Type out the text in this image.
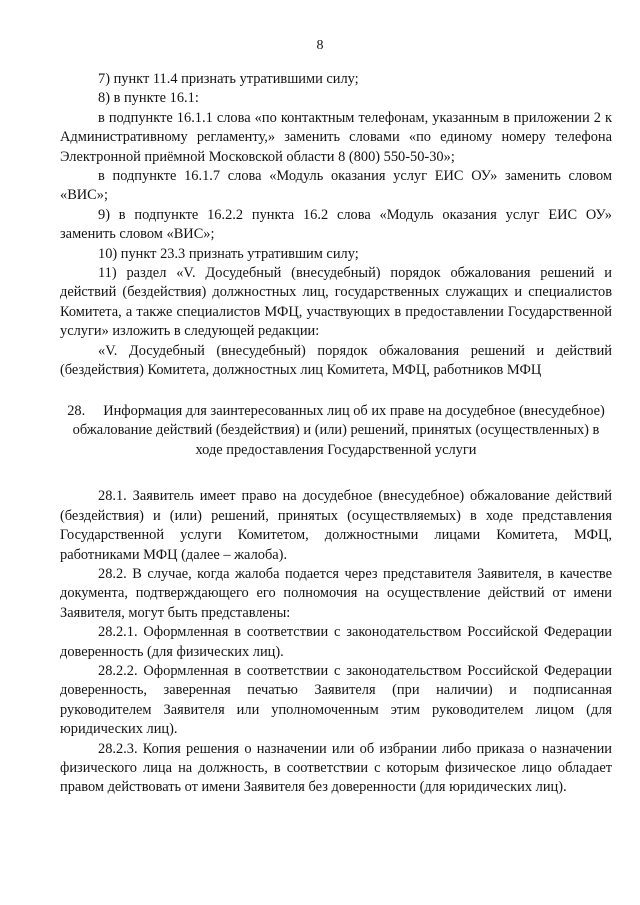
8

7) пункт 11.4 признать утратившими силу;

8) в пункте 16.1:

в подпункте 16.1.1 слова «по контактным телефонам, указанным в приложении 2 к Административному регламенту,» заменить словами «по единому номеру телефона Электронной приёмной Московской области 8 (800) 550-50-30»;

в подпункте 16.1.7 слова «Модуль оказания услуг ЕИС ОУ» заменить словом «ВИС»;

9) в подпункте 16.2.2 пункта 16.2 слова «Модуль оказания услуг ЕИС ОУ» заменить словом «ВИС»;

10) пункт 23.3 признать утратившим силу;

11) раздел «V. Досудебный (внесудебный) порядок обжалования решений и действий (бездействия) должностных лиц, государственных служащих и специалистов Комитета, а также специалистов МФЦ, участвующих в предоставлении Государственной услуги» изложить в следующей редакции:

«V. Досудебный (внесудебный) порядок обжалования решений и действий (бездействия) Комитета, должностных лиц Комитета, МФЦ, работников МФЦ

28. Информация для заинтересованных лиц об их праве на досудебное (внесудебное) обжалование действий (бездействия) и (или) решений, принятых (осуществленных) в ходе предоставления Государственной услуги

28.1. Заявитель имеет право на досудебное (внесудебное) обжалование действий (бездействия) и (или) решений, принятых (осуществляемых) в ходе представления Государственной услуги Комитетом, должностными лицами Комитета, МФЦ, работниками МФЦ (далее – жалоба).

28.2. В случае, когда жалоба подается через представителя Заявителя, в качестве документа, подтверждающего его полномочия на осуществление действий от имени Заявителя, могут быть представлены:

28.2.1. Оформленная в соответствии с законодательством Российской Федерации доверенность (для физических лиц).

28.2.2. Оформленная в соответствии с законодательством Российской Федерации доверенность, заверенная печатью Заявителя (при наличии) и подписанная руководителем Заявителя или уполномоченным этим руководителем лицом (для юридических лиц).

28.2.3. Копия решения о назначении или об избрании либо приказа о назначении физического лица на должность, в соответствии с которым физическое лицо обладает правом действовать от имени Заявителя без доверенности (для юридических лиц).
